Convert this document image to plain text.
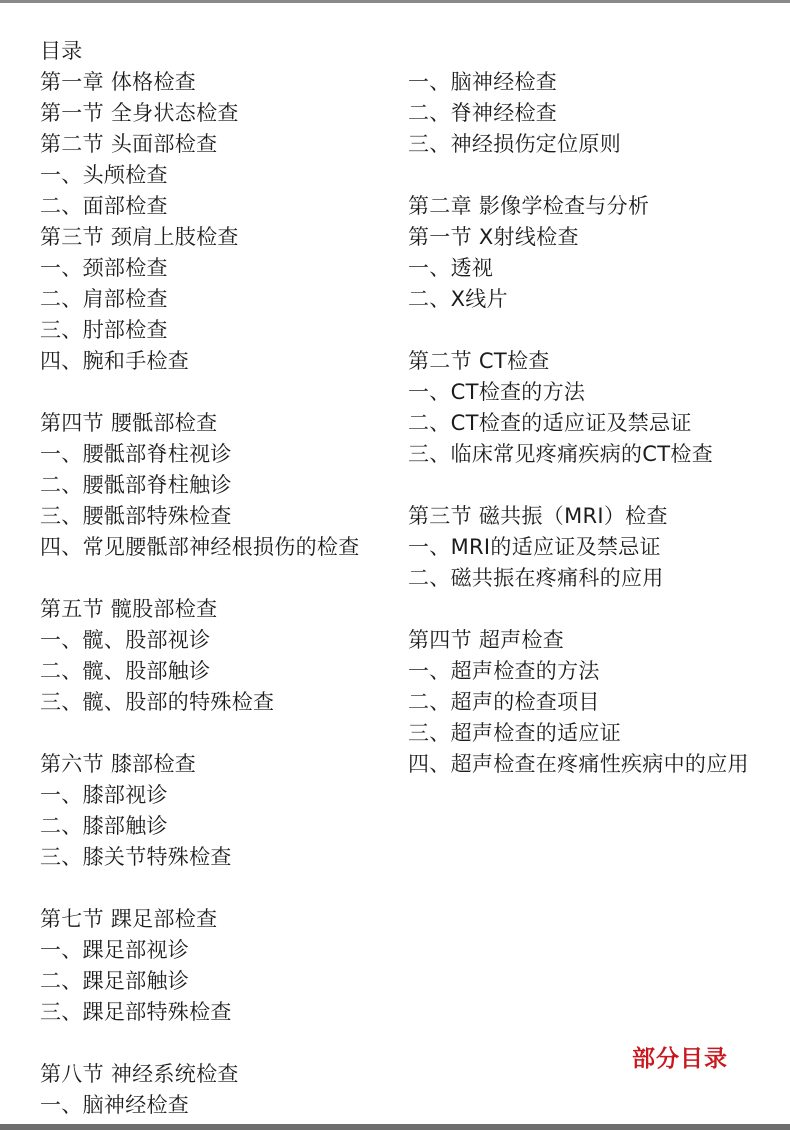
目录
第一章 体格检查
第一节 全身状态检查
第二节 头面部检查
一、头颅检查
二、面部检查
第三节 颈肩上肢检查
一、颈部检查
二、肩部检查
三、肘部检查
四、腕和手检查
第四节 腰骶部检查
一、腰骶部脊柱视诊
二、腰骶部脊柱触诊
三、腰骶部特殊检查
四、常见腰骶部神经根损伤的检查
第五节 髋股部检查
一、髋、股部视诊
二、髋、股部触诊
三、髋、股部的特殊检查
第六节 膝部检查
一、膝部视诊
二、膝部触诊
三、膝关节特殊检查
第七节 踝足部检查
一、踝足部视诊
二、踝足部触诊
三、踝足部特殊检查
第八节 神经系统检查
一、脑神经检查
一、脑神经检查
二、脊神经检查
三、神经损伤定位原则
第二章 影像学检查与分析
第一节 X射线检查
一、透视
二、X线片
第二节 CT检查
一、CT检查的方法
二、CT检查的适应证及禁忌证
三、临床常见疼痛疾病的CT检查
第三节 磁共振（MRI）检查
一、MRI的适应证及禁忌证
二、磁共振在疼痛科的应用
第四节 超声检查
一、超声检查的方法
二、超声的检查项目
三、超声检查的适应证
四、超声检查在疼痛性疾病中的应用
部分目录
